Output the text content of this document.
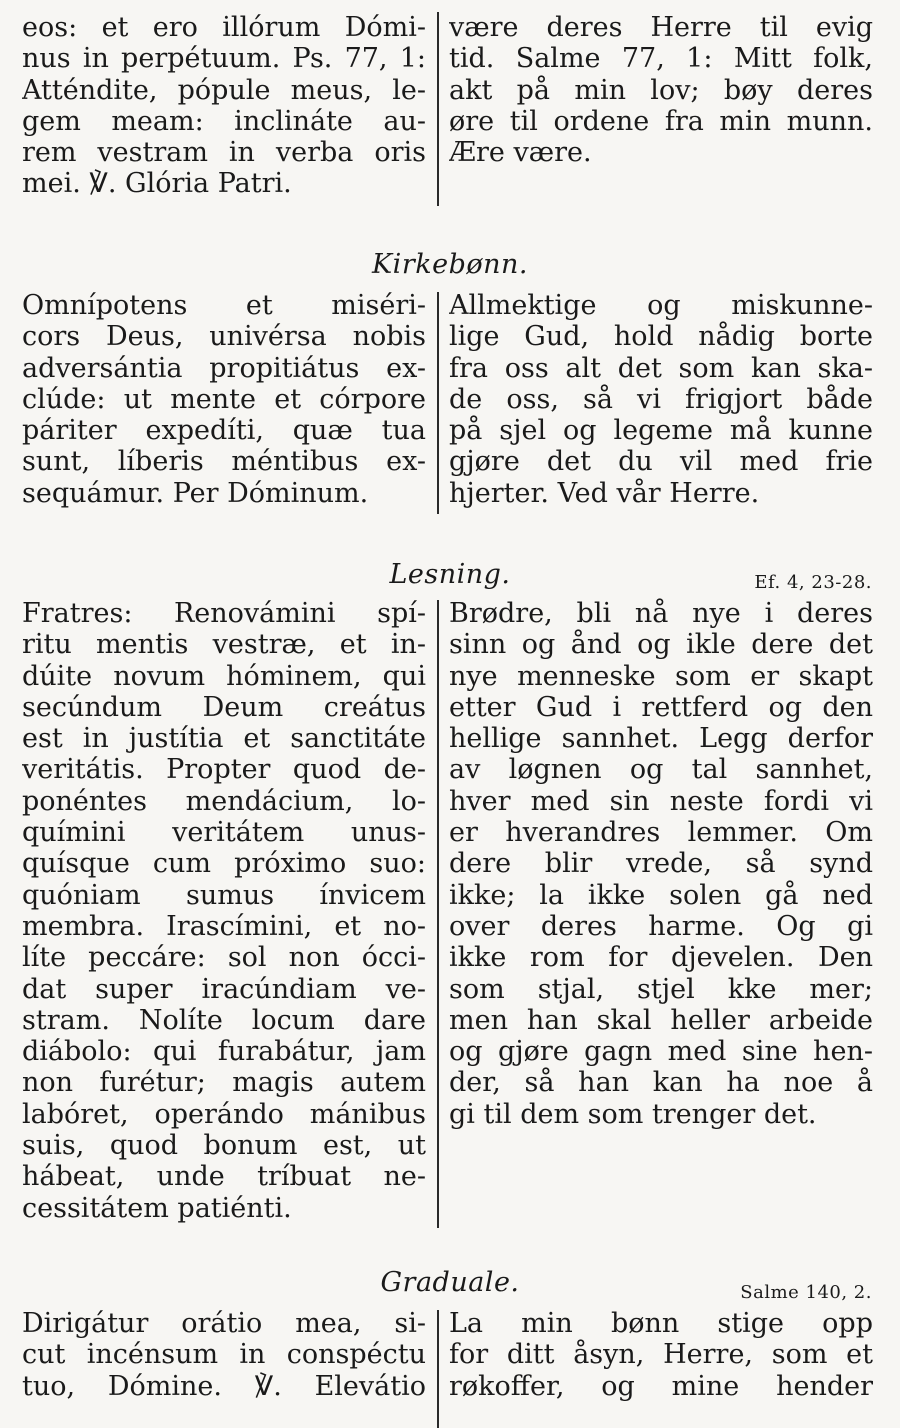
eos: et ero illórum Dómi-
nus in perpétuum. Ps. 77, 1:
Atténdite, pópule meus, le-
gem meam: inclináte au-
rem vestram in verba oris
mei. ℣. Glória Patri.
være deres Herre til evig
tid. Salme 77, 1: Mitt folk,
akt på min lov; bøy deres
øre til ordene fra min munn.
Ære være.
Kirkebønn.
Omnípotens et miséri-
cors Deus, univérsa nobis
adversántia propitiátus ex-
clúde: ut mente et córpore
páriter expedíti, quæ tua
sunt, líberis méntibus ex-
sequámur. Per Dóminum.
Allmektige og miskunne-
lige Gud, hold nådig borte
fra oss alt det som kan ska-
de oss, så vi frigjort både
på sjel og legeme må kunne
gjøre det du vil med frie
hjerter. Ved vår Herre.
Lesning.	Ef. 4, 23-28.
Fratres: Renovámini spí-
ritu mentis vestræ, et in-
dúite novum hóminem, qui
secúndum Deum creátus
est in justítia et sanctitáte
veritátis. Propter quod de-
ponéntes mendácium, lo-
químini veritátem unus-
quísque cum próximo suo:
quóniam sumus ínvicem
membra. Irascímini, et no-
líte peccáre: sol non ócci-
dat super iracúndiam ve-
stram. Nolíte locum dare
diábolo: qui furabátur, jam
non furétur; magis autem
labóret, operándo mánibus
suis, quod bonum est, ut
hábeat, unde tríbuat ne-
cessitátem patiénti.
Brødre, bli nå nye i deres
sinn og ånd og ikle dere det
nye menneske som er skapt
etter Gud i rettferd og den
hellige sannhet. Legg derfor
av løgnen og tal sannhet,
hver med sin neste fordi vi
er hverandres lemmer. Om
dere blir vrede, så synd
ikke; la ikke solen gå ned
over deres harme. Og gi
ikke rom for djevelen. Den
som stjal, stjel kke mer;
men han skal heller arbeide
og gjøre gagn med sine hen-
der, så han kan ha noe å
gi til dem som trenger det.
Graduale.	Salme 140, 2.
Dirigátur orátio mea, si-
cut incénsum in conspéctu
tuo, Dómine. ℣. Elevátio
La min bønn stige opp
for ditt åsyn, Herre, som et
røkoffer, og mine hender
